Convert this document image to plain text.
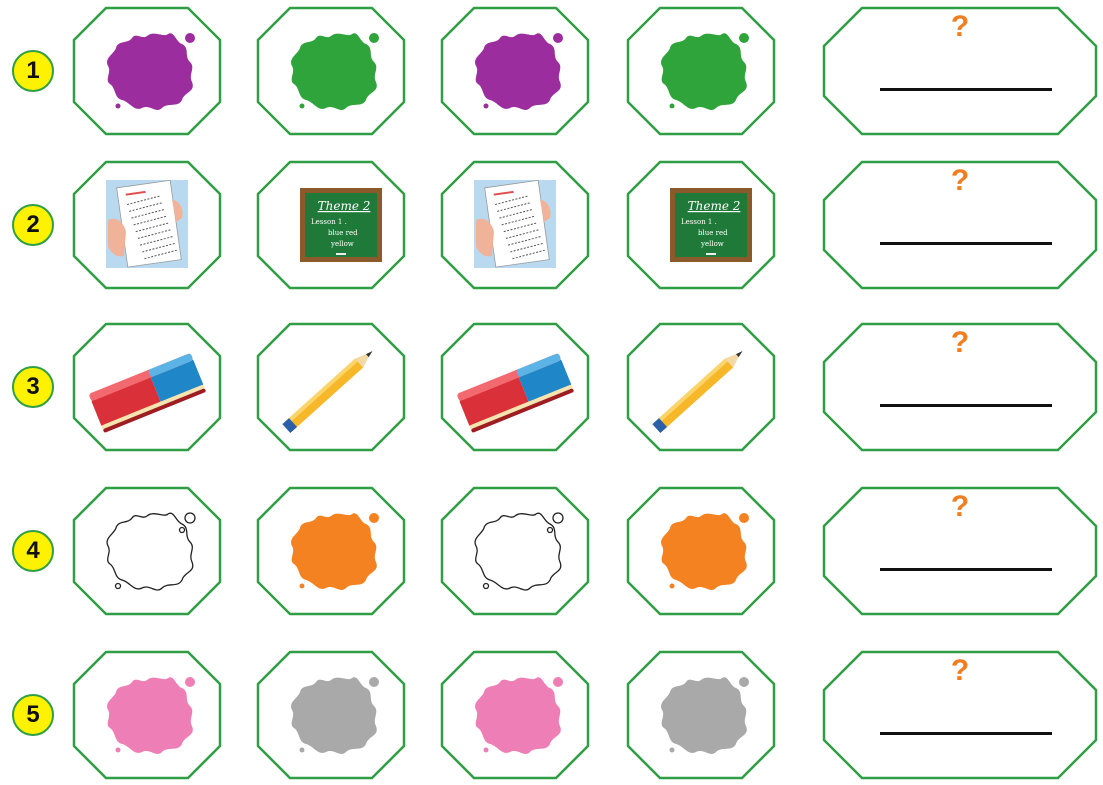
1
?
2
Theme 2
Lesson 1 .
blue red
yellow
Theme 2
Lesson 1 .
blue red
yellow
?
3
?
4
?
5
?
